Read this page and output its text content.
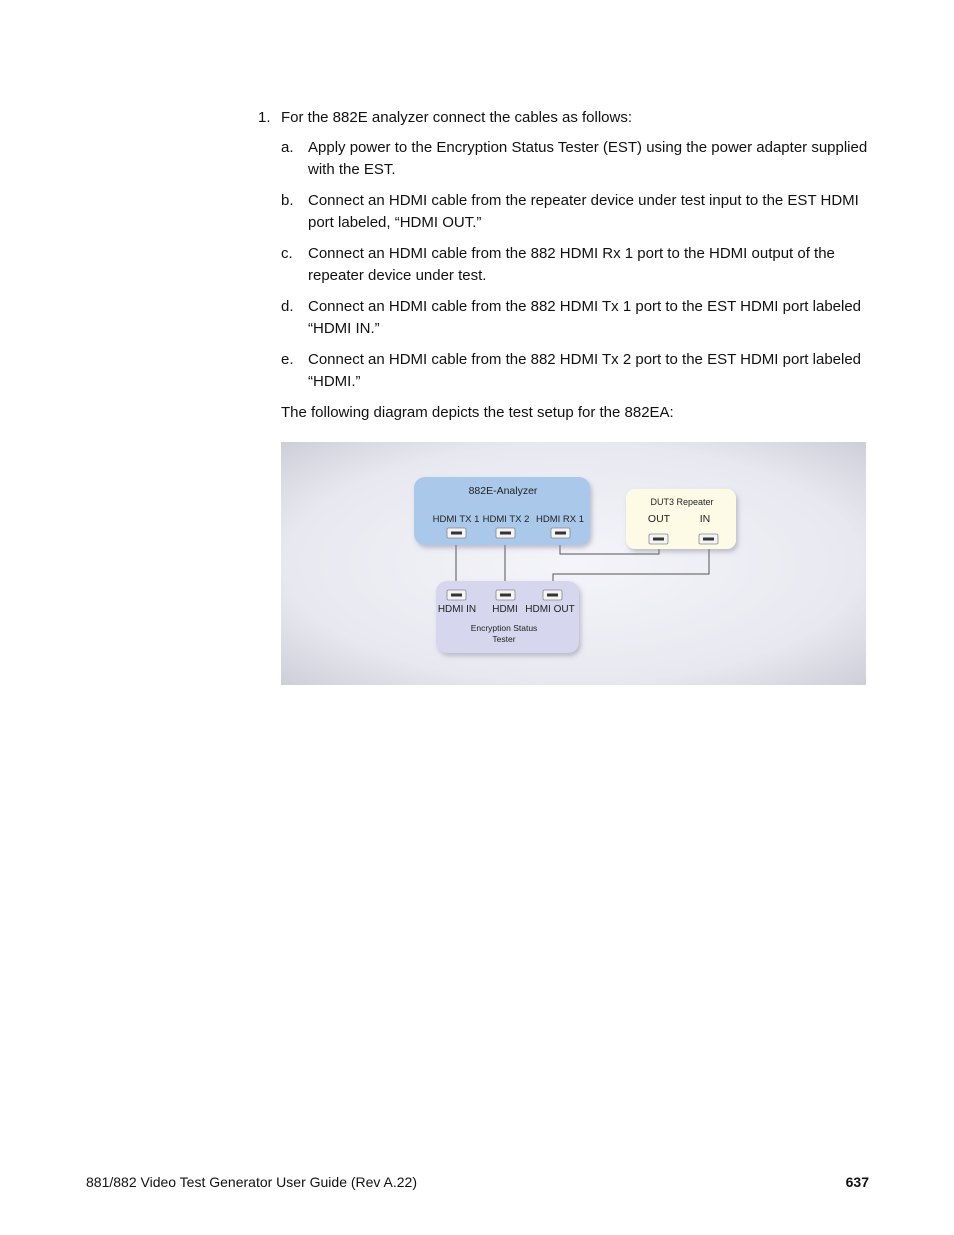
1. For the 882E analyzer connect the cables as follows:
a. Apply power to the Encryption Status Tester (EST) using the power adapter supplied with the EST.
b. Connect an HDMI cable from the repeater device under test input to the EST HDMI port labeled, “HDMI OUT.”
c. Connect an HDMI cable from the 882 HDMI Rx 1 port to the HDMI output of the repeater device under test.
d. Connect an HDMI cable from the 882 HDMI Tx 1 port to the EST HDMI port labeled “HDMI IN.”
e. Connect an HDMI cable from the 882 HDMI Tx 2 port to the EST HDMI port labeled “HDMI.”
The following diagram depicts the test setup for the 882EA:
882E-Analyzer
HDMI TX 1 HDMI TX 2 HDMI RX 1
DUT3 Repeater
OUT	IN
HDMI IN HDMI HDMI OUT
Encryption Status
Tester
881/882 Video Test Generator User Guide (Rev A.22)	637
